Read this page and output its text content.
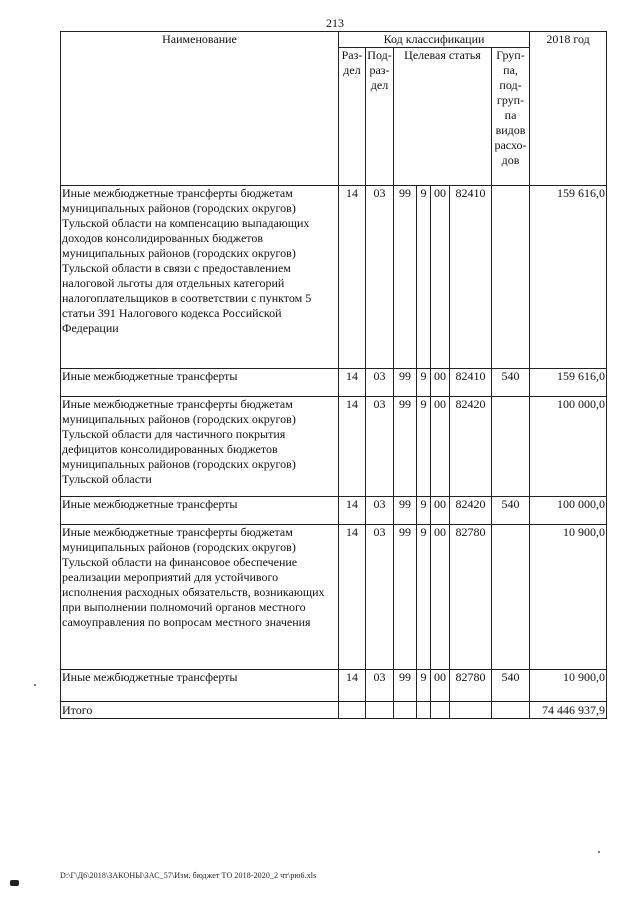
213
Наименование	Код классификации							2018 год
	Раз-дел	Под-раз-дел	Целевая статья				Груп-па, под-груп-па видов расхо-дов	

Иные межбюджетные трансферты бюджетам муниципальных районов (городских округов) Тульской области на компенсацию выпадающих доходов консолидированных бюджетов муниципальных районов (городских округов) Тульской области в связи с предоставлением налоговой льготы для отдельных категорий налогоплательщиков в соответствии с пунктом 5 статьи 391 Налогового кодекса Российской Федерации	14	03	99	9	00	82410		159 616,0
Иные межбюджетные трансферты	14	03	99	9	00	82410	540	159 616,0
Иные межбюджетные трансферты бюджетам муниципальных районов (городских округов) Тульской области для частичного покрытия дефицитов консолидированных бюджетов муниципальных районов (городских округов) Тульской области	14	03	99	9	00	82420		100 000,0
Иные межбюджетные трансферты	14	03	99	9	00	82420	540	100 000,0
Иные межбюджетные трансферты бюджетам муниципальных районов (городских округов) Тульской области на финансовое обеспечение реализации мероприятий для устойчивого исполнения расходных обязательств, возникающих при выполнении полномочий органов местного самоуправления по вопросам местного значения	14	03	99	9	00	82780		10 900,0
Иные межбюджетные трансферты	14	03	99	9	00	82780	540	10 900,0
Итого								74 446 937,9
D:\Г\Д6\2018\ЗАКОНЫ\ЗАС_57\Изм. бюджет ТО 2018-2020_2 чт\рю6.xls
